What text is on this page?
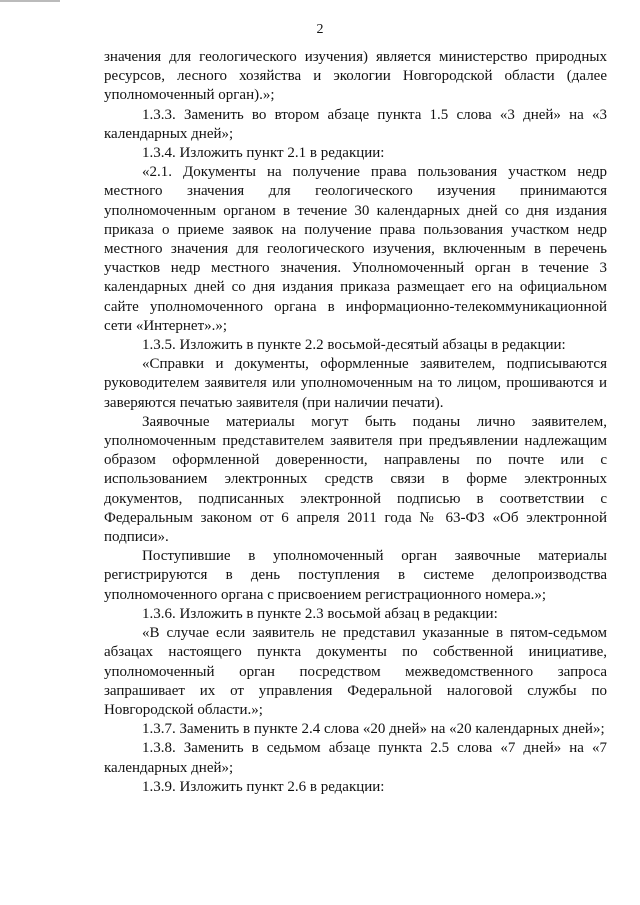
2

значения для геологического изучения) является министерство природных ресурсов, лесного хозяйства и экологии Новгородской области (далее уполномоченный орган).»;

1.3.3. Заменить во втором абзаце пункта 1.5 слова «3 дней» на «3 календарных дней»;

1.3.4. Изложить пункт 2.1 в редакции:

«2.1. Документы на получение права пользования участком недр местного значения для геологического изучения принимаются уполномоченным органом в течение 30 календарных дней со дня издания приказа о приеме заявок на получение права пользования участком недр местного значения для геологического изучения, включенным в перечень участков недр местного значения. Уполномоченный орган в течение 3 календарных дней со дня издания приказа размещает его на официальном сайте уполномоченного органа в информационно-телекоммуникационной сети «Интернет».»;

1.3.5. Изложить в пункте 2.2 восьмой-десятый абзацы в редакции:

«Справки и документы, оформленные заявителем, подписываются руководителем заявителя или уполномоченным на то лицом, прошиваются и заверяются печатью заявителя (при наличии печати).

Заявочные материалы могут быть поданы лично заявителем, уполномоченным представителем заявителя при предъявлении надлежащим образом оформленной доверенности, направлены по почте или с использованием электронных средств связи в форме электронных документов, подписанных электронной подписью в соответствии с Федеральным законом от 6 апреля 2011 года № 63-ФЗ «Об электронной подписи».

Поступившие в уполномоченный орган заявочные материалы регистрируются в день поступления в системе делопроизводства уполномоченного органа с присвоением регистрационного номера.»;

1.3.6. Изложить в пункте 2.3 восьмой абзац в редакции:

«В случае если заявитель не представил указанные в пятом-седьмом абзацах настоящего пункта документы по собственной инициативе, уполномоченный орган посредством межведомственного запроса запрашивает их от управления Федеральной налоговой службы по Новгородской области.»;

1.3.7. Заменить в пункте 2.4 слова «20 дней» на «20 календарных дней»;

1.3.8. Заменить в седьмом абзаце пункта 2.5 слова «7 дней» на «7 календарных дней»;

1.3.9. Изложить пункт 2.6 в редакции:
